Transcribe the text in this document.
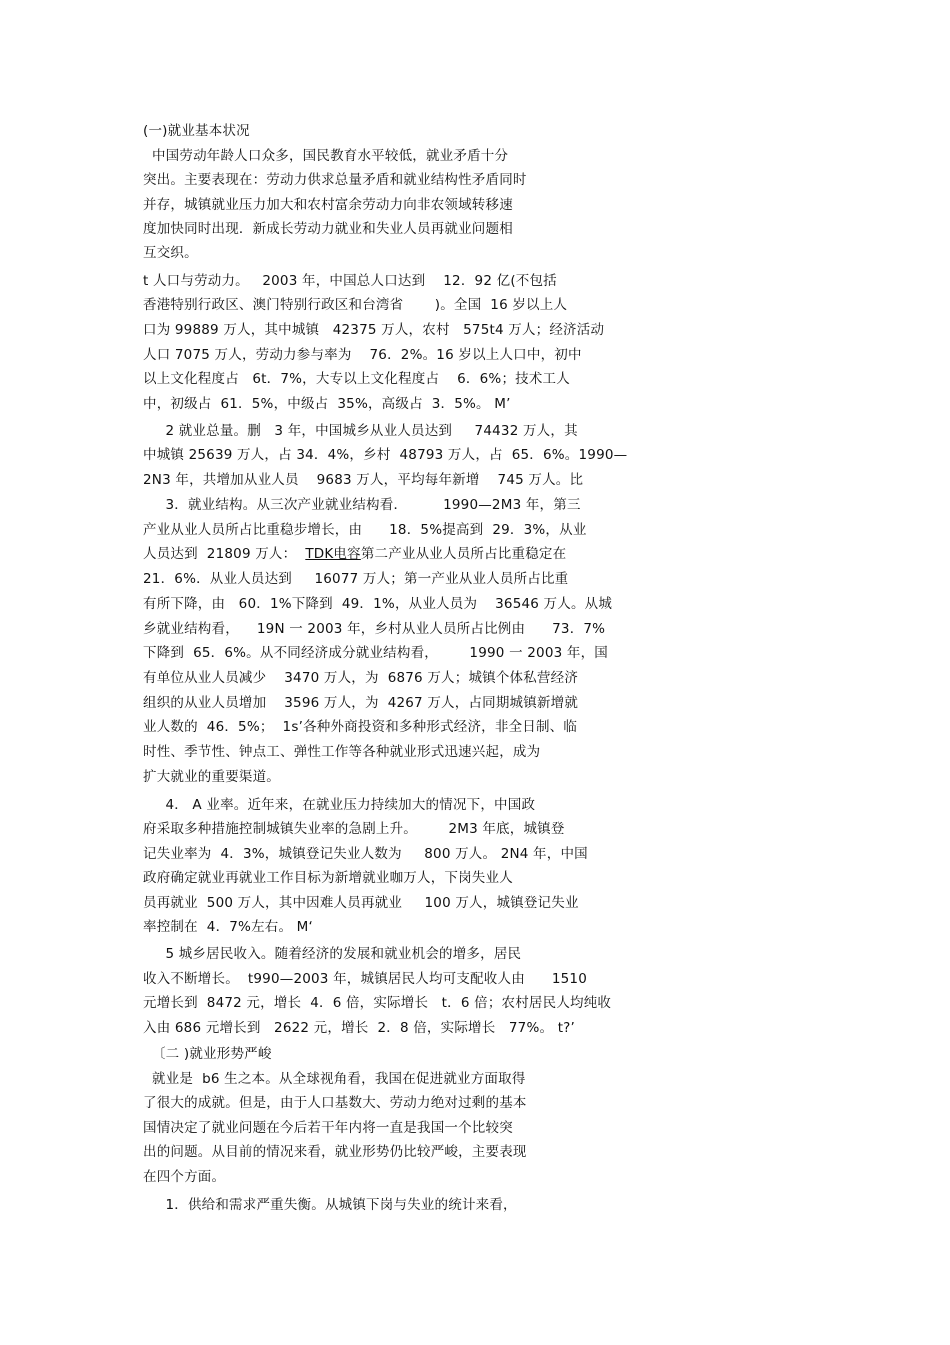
(一)就业基本状况
中国劳动年龄人口众多，国民教育水平较低，就业矛盾十分
突出。主要表现在：劳动力供求总量矛盾和就业结构性矛盾同时
并存，城镇就业压力加大和农村富余劳动力向非农领域转移速
度加快同时出现．新成长劳动力就业和失业人员再就业问题相
互交织。
t 人口与劳动力。   2003 年，中国总人口达到    12．92 亿(不包括
香港特别行政区、澳门特别行政区和台湾省       )。全国  16 岁以上人
口为 99889 万人，其中城镇   42375 万人，农村   575t4 万人；经济活动
人口 7075 万人，劳动力参与率为    76．2%。16 岁以上人口中，初中
以上文化程度占   6t．7%，大专以上文化程度占    6．6%；技术工人
中，初级占  61．5%，中级占  35%，高级占  3．5%。 M’
2 就业总量。删   3 年，中国城乡从业人员达到     74432 万人，其
中城镇 25639 万人，占 34．4%，乡村  48793 万人，占  65．6%。1990—
2N3 年，共增加从业人员    9683 万人，平均每年新增    745 万人。比
3．就业结构。从三次产业就业结构看．        1990—2M3 年，第三
产业从业人员所占比重稳步增长，由      18．5%提高到  29．3%，从业
人员达到  21809 万人：  TDK电容第二产业从业人员所占比重稳定在
21．6%．从业人员达到     16077 万人；第一产业从业人员所占比重
有所下降，由   60．1%下降到  49．1%，从业人员为    36546 万人。从城
乡就业结构看，    19N 一 2003 年，乡村从业人员所占比例由      73．7%
下降到  65．6%。从不同经济成分就业结构看，       1990 一 2003 年，国
有单位从业人员减少    3470 万人，为  6876 万人；城镇个体私营经济
组织的从业人员增加    3596 万人，为  4267 万人，占同期城镇新增就
业人数的  46．5%；  1s’各种外商投资和多种形式经济，非全日制、临
时性、季节性、钟点工、弹性工作等各种就业形式迅速兴起，成为
扩大就业的重要渠道。
4． A 业率。近年来，在就业压力持续加大的情况下，中国政
府采取多种措施控制城镇失业率的急剧上升。       2M3 年底，城镇登
记失业率为  4．3%，城镇登记失业人数为     800 万人。 2N4 年，中国
政府确定就业再就业工作目标为新增就业咖万人，下岗失业人
员再就业  500 万人，其中因难人员再就业     100 万人，城镇登记失业
率控制在  4．7%左右。 M‘
5 城乡居民收入。随着经济的发展和就业机会的增多，居民
收入不断增长。  t990—2003 年，城镇居民人均可支配收人由      1510
元增长到  8472 元，增长  4．6 倍，实际增长   t．6 倍；农村居民人均纯收
入由 686 元增长到   2622 元，增长  2．8 倍，实际增长   77%。 t?’
〔二 )就业形势严峻
就业是  b6 生之本。从全球视角看，我国在促进就业方面取得
了很大的成就。但是，由于人口基数大、劳动力绝对过剩的基本
国情决定了就业问题在今后若干年内将一直是我国一个比较突
出的问题。从目前的情况来看，就业形势仍比较严峻，主要表现
在四个方面。
1．供给和需求严重失衡。从城镇下岗与失业的统计来看，
